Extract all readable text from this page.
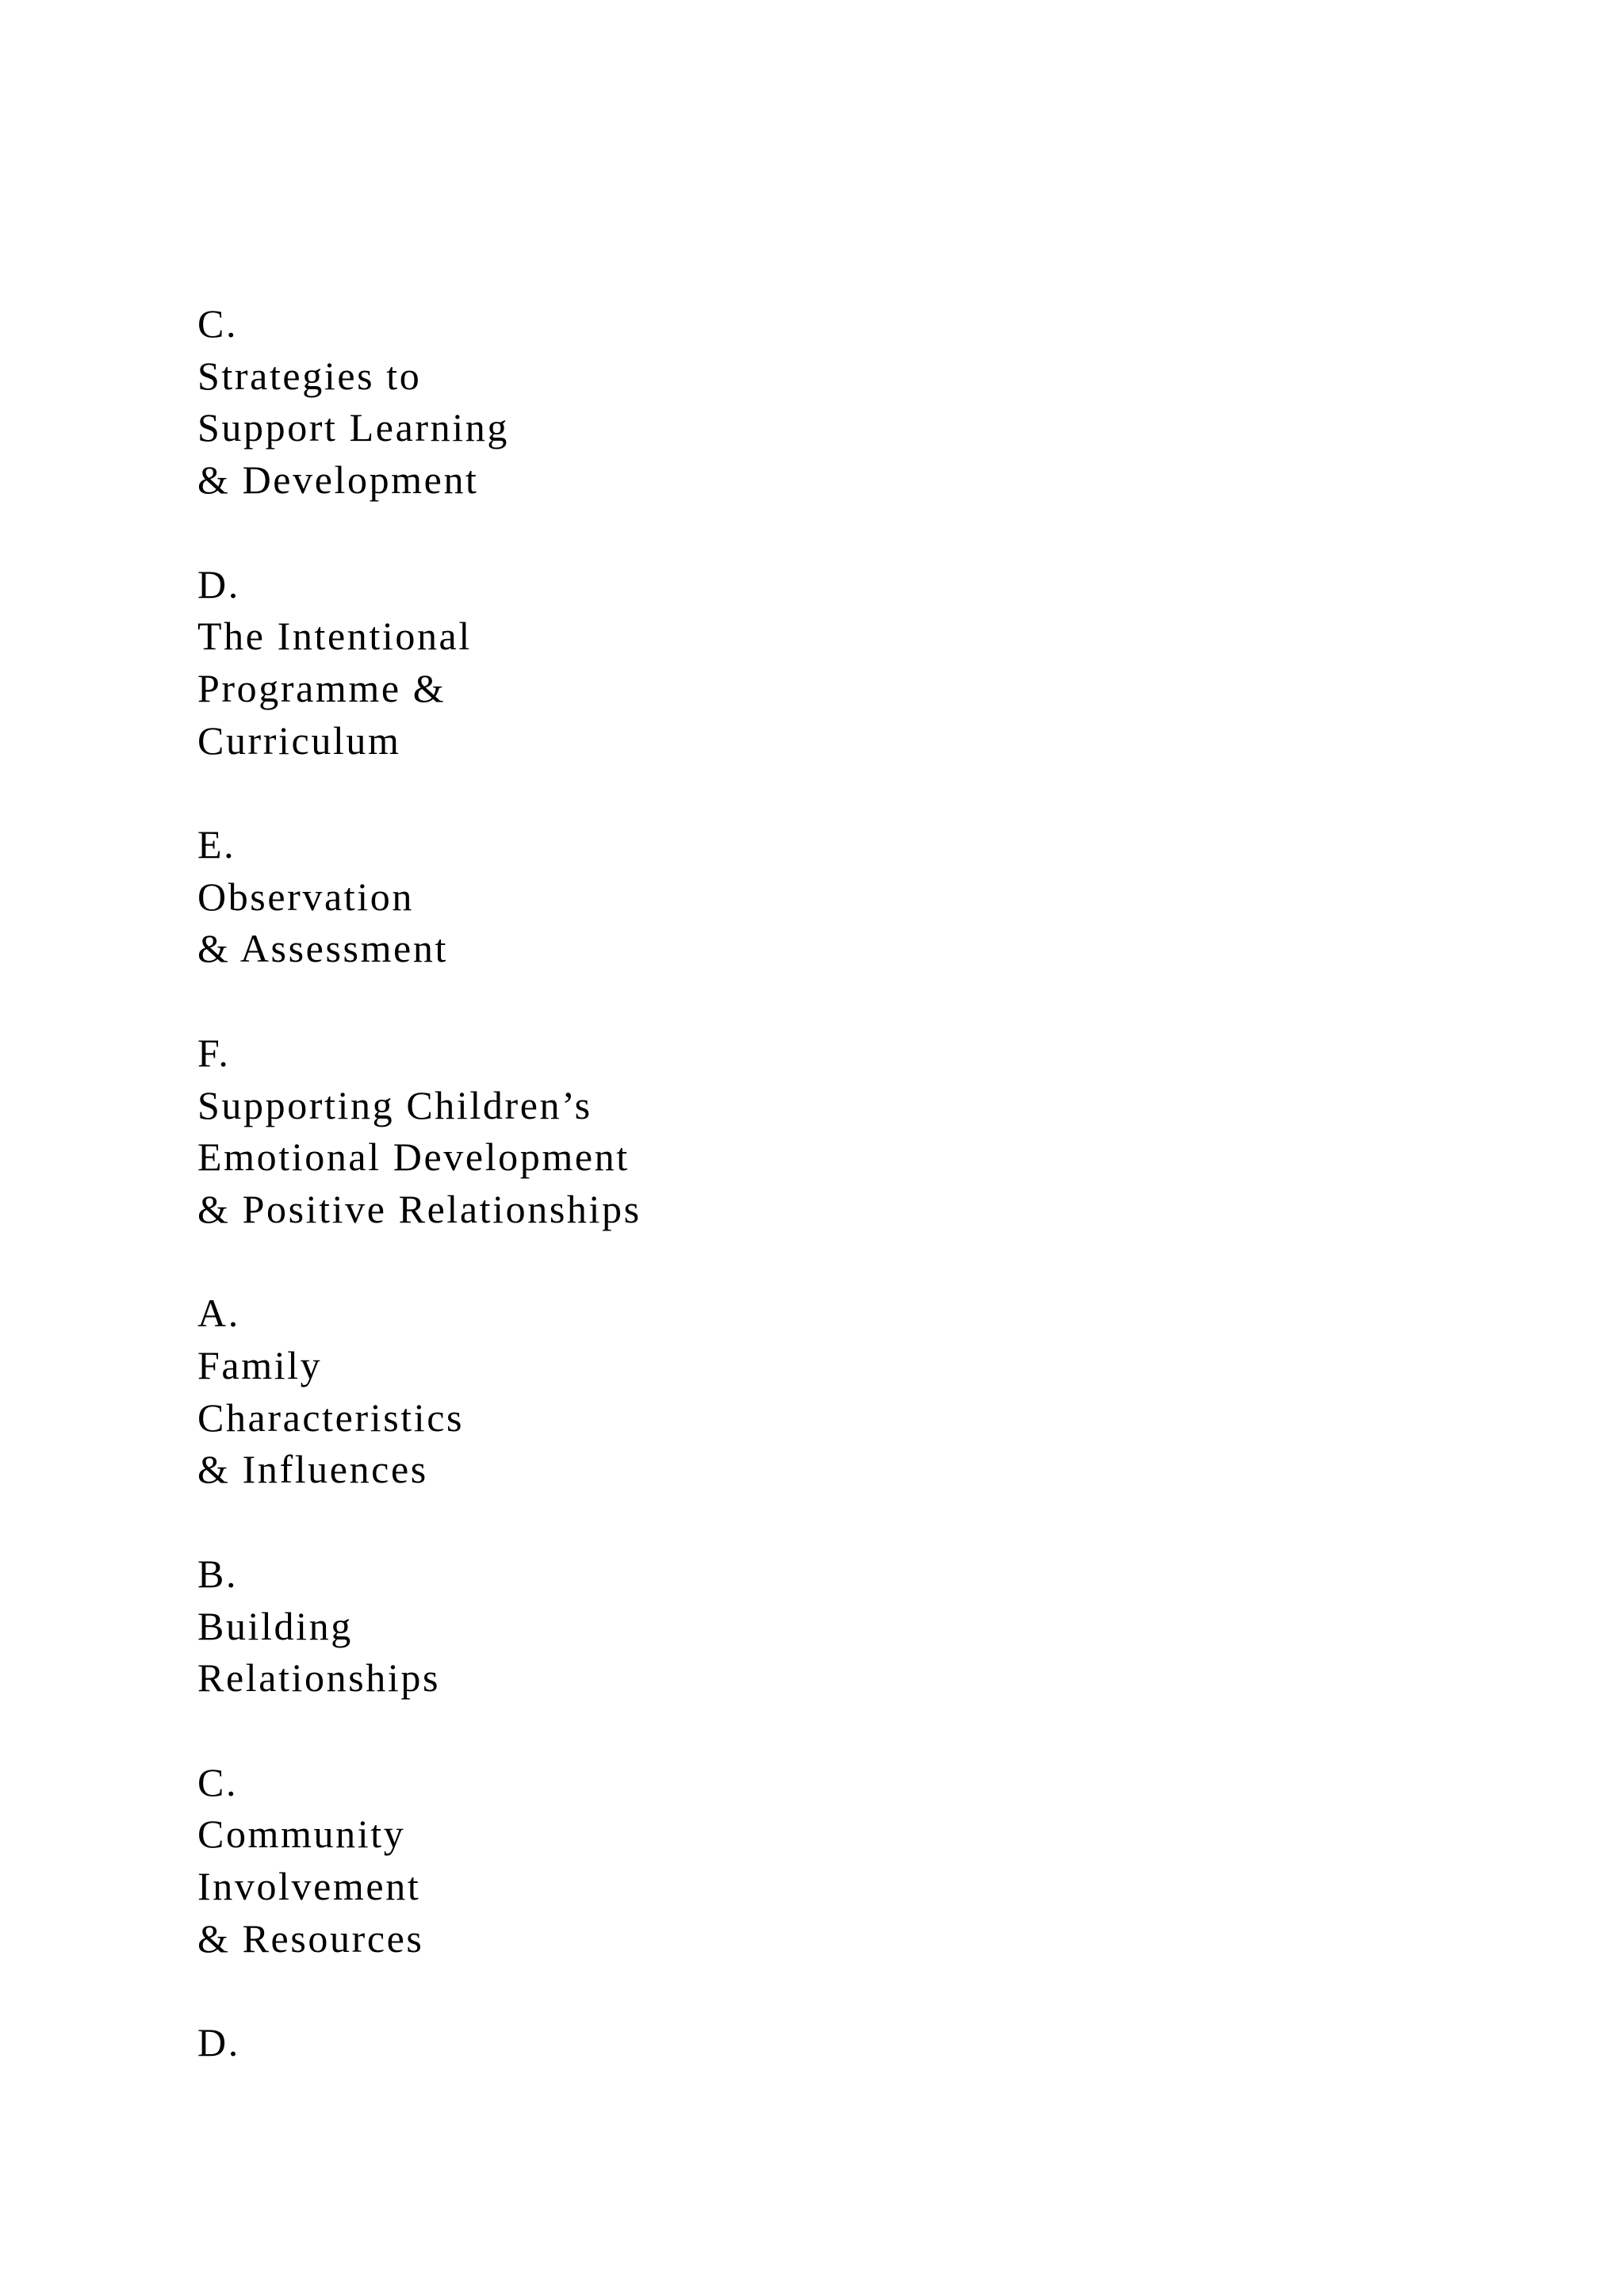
C.
Strategies to
Support Learning
& Development
D.
The Intentional
Programme &
Curriculum
E.
Observation
& Assessment
F.
Supporting Children’s
Emotional Development
& Positive Relationships
A.
Family
Characteristics
& Influences
B.
Building
Relationships
C.
Community
Involvement
& Resources
D.
